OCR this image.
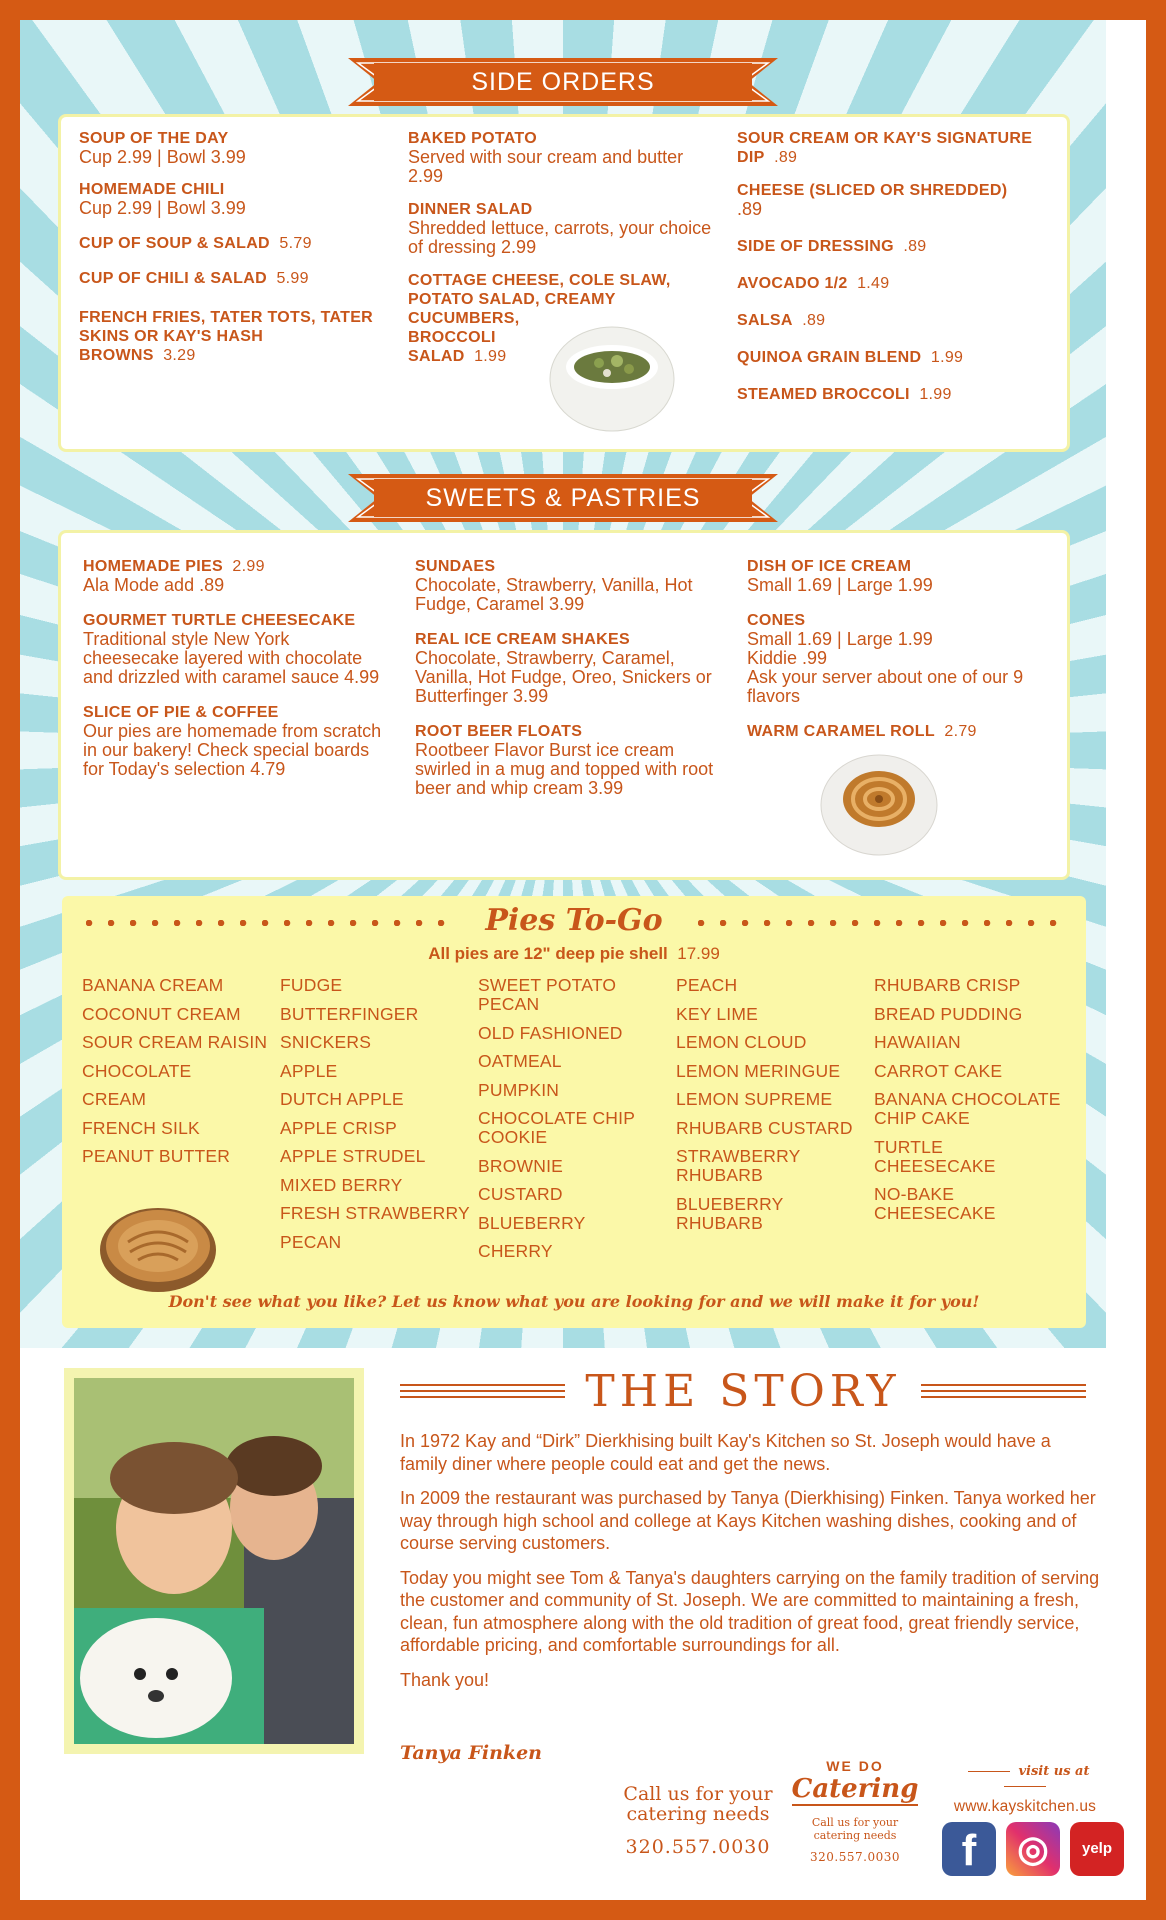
SIDE ORDERS
SOUP OF THE DAY
Cup 2.99 | Bowl 3.99
HOMEMADE CHILI
Cup 2.99 | Bowl 3.99
CUP OF SOUP & SALAD 5.79
CUP OF CHILI & SALAD 5.99
FRENCH FRIES, TATER TOTS, TATER SKINS OR KAY'S HASH BROWNS 3.29
BAKED POTATO
Served with sour cream and butter 2.99
DINNER SALAD
Shredded lettuce, carrots, your choice of dressing 2.99
COTTAGE CHEESE, COLE SLAW,
POTATO SALAD, CREAMY
CUCUMBERS,
BROCCOLI
SALAD 1.99
SOUR CREAM OR KAY'S SIGNATURE DIP .89
CHEESE (SLICED OR SHREDDED)
.89
SIDE OF DRESSING .89
AVOCADO 1/2 1.49
SALSA .89
QUINOA GRAIN BLEND 1.99
STEAMED BROCCOLI 1.99
SWEETS & PASTRIES
HOMEMADE PIES 2.99
Ala Mode add .89
GOURMET TURTLE CHEESECAKE
Traditional style New York cheesecake layered with chocolate and drizzled with caramel sauce 4.99
SLICE OF PIE & COFFEE
Our pies are homemade from scratch in our bakery! Check special boards for Today's selection 4.79
SUNDAES
Chocolate, Strawberry, Vanilla, Hot Fudge, Caramel 3.99
REAL ICE CREAM SHAKES
Chocolate, Strawberry, Caramel, Vanilla, Hot Fudge, Oreo, Snickers or Butterfinger 3.99
ROOT BEER FLOATS
Rootbeer Flavor Burst ice cream swirled in a mug and topped with root beer and whip cream 3.99
DISH OF ICE CREAM
Small 1.69 | Large 1.99
CONES
Small 1.69 | Large 1.99
Kiddie .99
Ask your server about one of our 9 flavors
WARM CARAMEL ROLL 2.79
Pies To-Go
All pies are 12" deep pie shell 17.99
BANANA CREAM
COCONUT CREAM
SOUR CREAM RAISIN
CHOCOLATE
CREAM
FRENCH SILK
PEANUT BUTTER
FUDGE
BUTTERFINGER
SNICKERS
APPLE
DUTCH APPLE
APPLE CRISP
APPLE STRUDEL
MIXED BERRY
FRESH STRAWBERRY
PECAN
SWEET POTATO PECAN
OLD FASHIONED
OATMEAL
PUMPKIN
CHOCOLATE CHIP COOKIE
BROWNIE
CUSTARD
BLUEBERRY
CHERRY
PEACH
KEY LIME
LEMON CLOUD
LEMON MERINGUE
LEMON SUPREME
RHUBARB CUSTARD
STRAWBERRY RHUBARB
BLUEBERRY RHUBARB
RHUBARB CRISP
BREAD PUDDING
HAWAIIAN
CARROT CAKE
BANANA CHOCOLATE CHIP CAKE
TURTLE CHEESECAKE
NO-BAKE CHEESECAKE
Don't see what you like? Let us know what you are looking for and we will make it for you!
THE STORY

In 1972 Kay and “Dirk” Dierkhising built Kay's Kitchen so St. Joseph would have a family diner where people could eat and get the news.

In 2009 the restaurant was purchased by Tanya (Dierkhising) Finken. Tanya worked her way through high school and college at Kays Kitchen washing dishes, cooking and of course serving customers.

Today you might see Tom & Tanya's daughters carrying on the family tradition of serving the customer and community of St. Joseph. We are committed to maintaining a fresh, clean, fun atmosphere along with the old tradition of great food, great friendly service, affordable pricing, and comfortable surroundings for all.

Thank you!

Tanya Finken
Call us for your
catering needs
320.557.0030
WE DO
Catering
Call us for your
catering needs
320.557.0030
visit us at
www.kayskitchen.us
f	◎	yelp
